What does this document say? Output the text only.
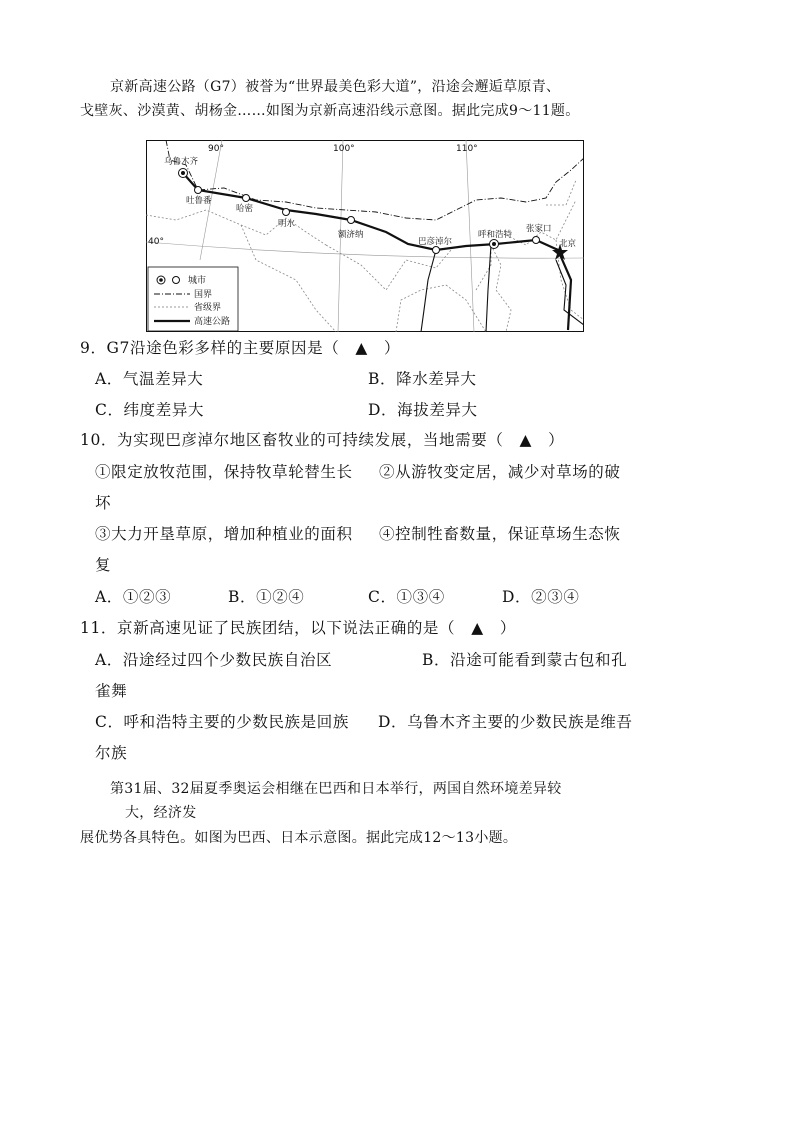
京新高速公路（G7）被誉为“世界最美色彩大道”，沿途会邂逅草原青、
戈壁灰、沙漠黄、胡杨金……如图为京新高速沿线示意图。据此完成9～11题。
乌鲁木齐
吐鲁番
哈密
明水
额济纳
巴彦淖尔
呼和浩特
张家口
北京
90°	100°	110°
40°
城市
国界
省级界
高速公路
9．G7沿途色彩多样的主要原因是（　▲　）
A．气温差异大	B．降水差异大
C．纬度差异大	D．海拔差异大
10．为实现巴彦淖尔地区畜牧业的可持续发展，当地需要（　▲　）
①限定放牧范围，保持牧草轮替生长 ②从游牧变定居，减少对草场的破
坏
③大力开垦草原，增加种植业的面积 ④控制牲畜数量，保证草场生态恢
复
A．①②③	B．①②④	C．①③④	D．②③④
11．京新高速见证了民族团结，以下说法正确的是（　▲　）
A．沿途经过四个少数民族自治区	B．沿途可能看到蒙古包和孔
雀舞
C．呼和浩特主要的少数民族是回族 D．乌鲁木齐主要的少数民族是维吾
尔族
第31届、32届夏季奥运会相继在巴西和日本举行，两国自然环境差异较
大，经济发
展优势各具特色。如图为巴西、日本示意图。据此完成12～13小题。
